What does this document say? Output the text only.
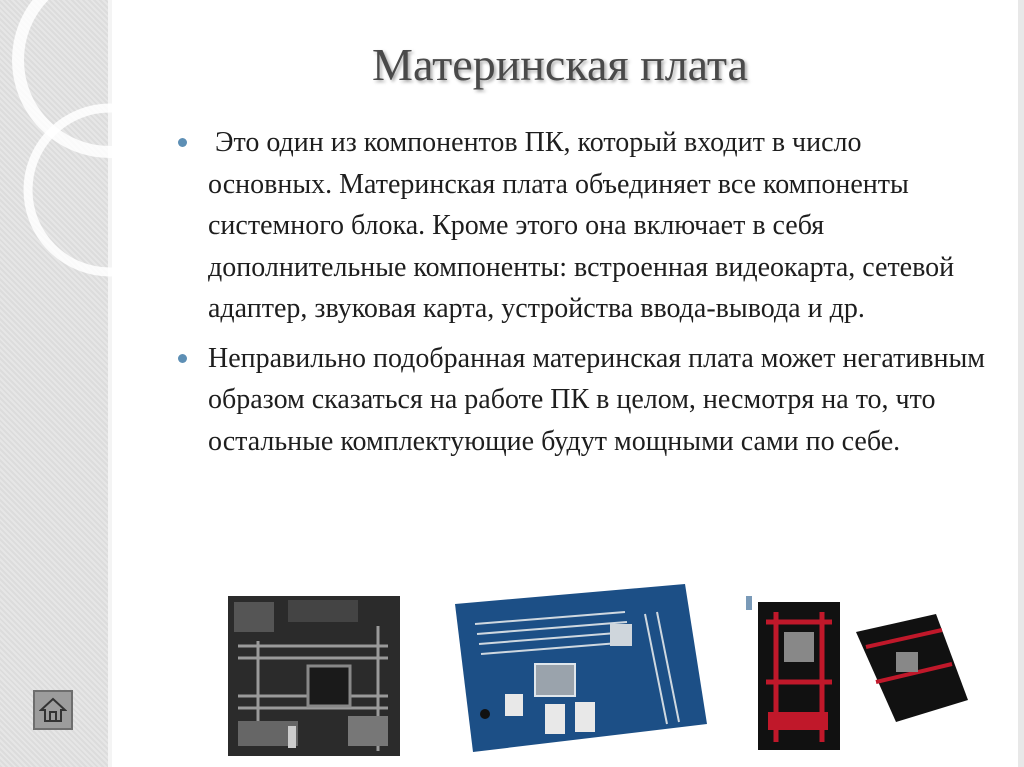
Материнская плата
Это один из компонентов ПК, который входит в число основных. Материнская плата объединяет все компоненты системного блока. Кроме этого она включает в себя дополнительные компоненты: встроенная видеокарта, сетевой адаптер, звуковая карта, устройства ввода-вывода и др.
Неправильно подобранная материнская плата может негативным образом сказаться на работе ПК в целом, несмотря на то, что остальные комплектующие будут мощными сами по себе.
